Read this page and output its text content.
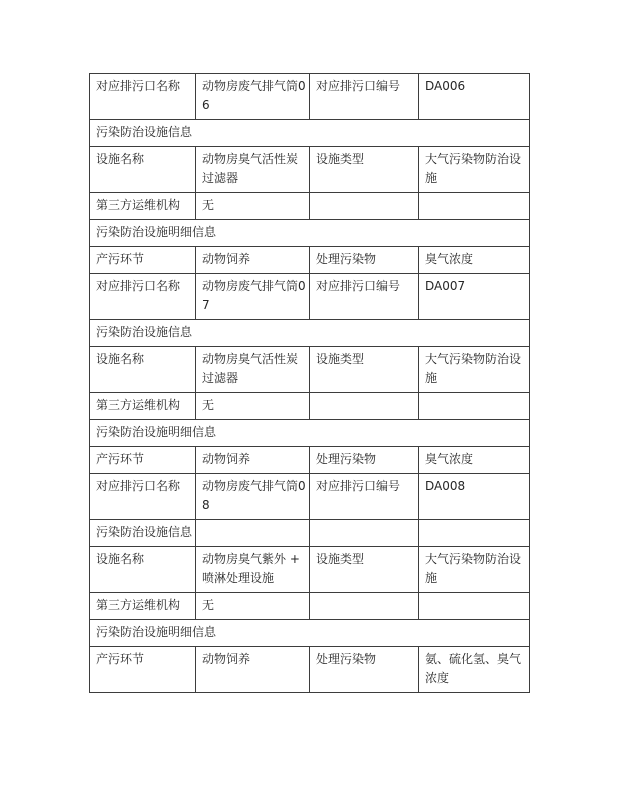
对应排污口名称	动物房废气排气筒06	对应排污口编号	DA006
污染防治设施信息			
设施名称	动物房臭气活性炭过滤器	设施类型	大气污染物防治设施
第三方运维机构	无		
污染防治设施明细信息			
产污环节	动物饲养	处理污染物	臭气浓度
对应排污口名称	动物房废气排气筒07	对应排污口编号	DA007
污染防治设施信息			
设施名称	动物房臭气活性炭过滤器	设施类型	大气污染物防治设施
第三方运维机构	无		
污染防治设施明细信息			
产污环节	动物饲养	处理污染物	臭气浓度
对应排污口名称	动物房废气排气筒08	对应排污口编号	DA008
污染防治设施信息			
设施名称	动物房臭气紫外 + 喷淋处理设施	设施类型	大气污染物防治设施
第三方运维机构	无		
污染防治设施明细信息			
产污环节	动物饲养	处理污染物	氨、硫化氢、臭气浓度
